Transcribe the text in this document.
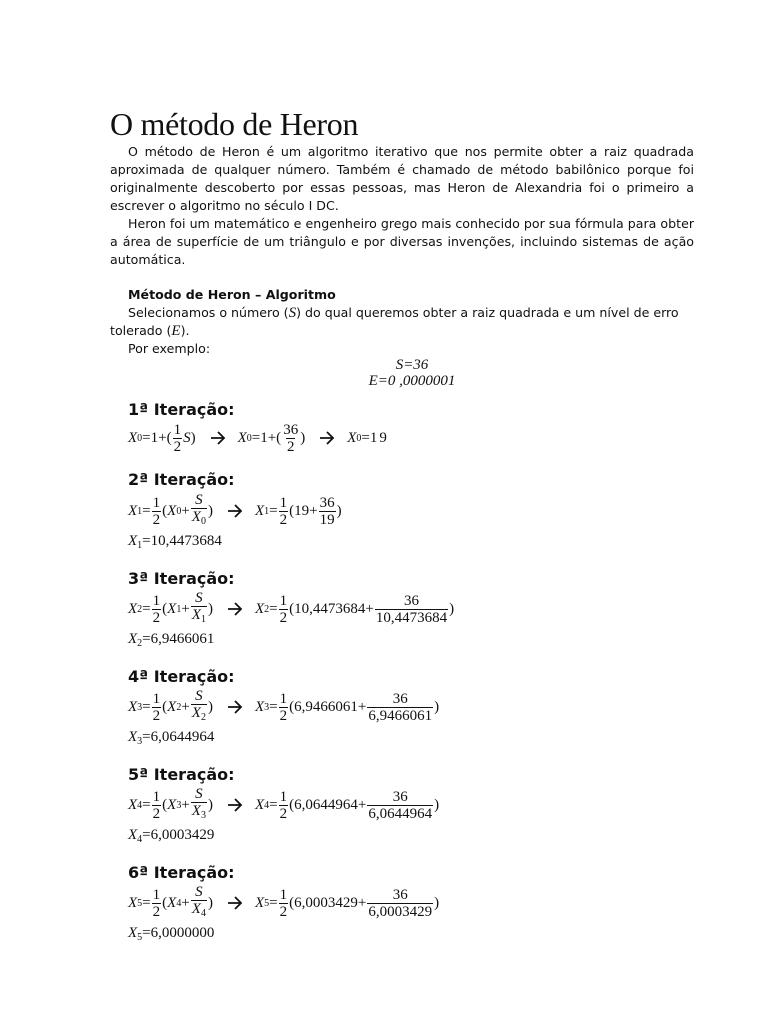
O método de Heron

O método de Heron é um algoritmo iterativo que nos permite obter a raiz quadrada aproximada de qualquer número. Também é chamado de método babilônico porque foi originalmente descoberto por essas pessoas, mas Heron de Alexandria foi o primeiro a escrever o algoritmo no século I DC.

Heron foi um matemático e engenheiro grego mais conhecido por sua fórmula para obter a área de superfície de um triângulo e por diversas invenções, incluindo sistemas de ação automática.

Método de Heron – Algoritmo
Selecionamos o número (S) do qual queremos obter a raiz quadrada e um nível de erro
tolerado (E).
Por exemplo:
S=36
E=0 ,0000001
1ª Iteração:
X $0 =1+( \frac{1}{2}$ S )	X $0 =1+( \frac{36}{2}$ )	X 0 = 19
2ª Iteração:
X $1 = \frac{1}{2}$ ( X $0 + \frac{S}{X_0}$ )	X $1 = \frac{1}{2}$ ( $19 + \frac{36}{19}$ )
$X_1=10,4473684$
3ª Iteração:
X $2 = \frac{1}{2}$ ( X $1 + \frac{S}{X_1}$ )	X $2 = \frac{1}{2}$ ( $10,4473684 + \frac{36}{10,4473684}$ )
$X_2=6,9466061$
4ª Iteração:
X $3 = \frac{1}{2}$ ( X $2 + \frac{S}{X_2}$ )	X $3 = \frac{1}{2}$ ( $6,9466061 + \frac{36}{6,9466061}$ )
$X_3=6,0644964$
5ª Iteração:
X $4 = \frac{1}{2}$ ( X $3 + \frac{S}{X_3}$ )	X $4 = \frac{1}{2}$ ( $6,0644964 + \frac{36}{6,0644964}$ )
$X_4=6,0003429$
6ª Iteração:
X $5 = \frac{1}{2}$ ( X $4 + \frac{S}{X_4}$ )	X $5 = \frac{1}{2}$ ( $6,0003429 + \frac{36}{6,0003429}$ )
$X_5=6,0000000$
